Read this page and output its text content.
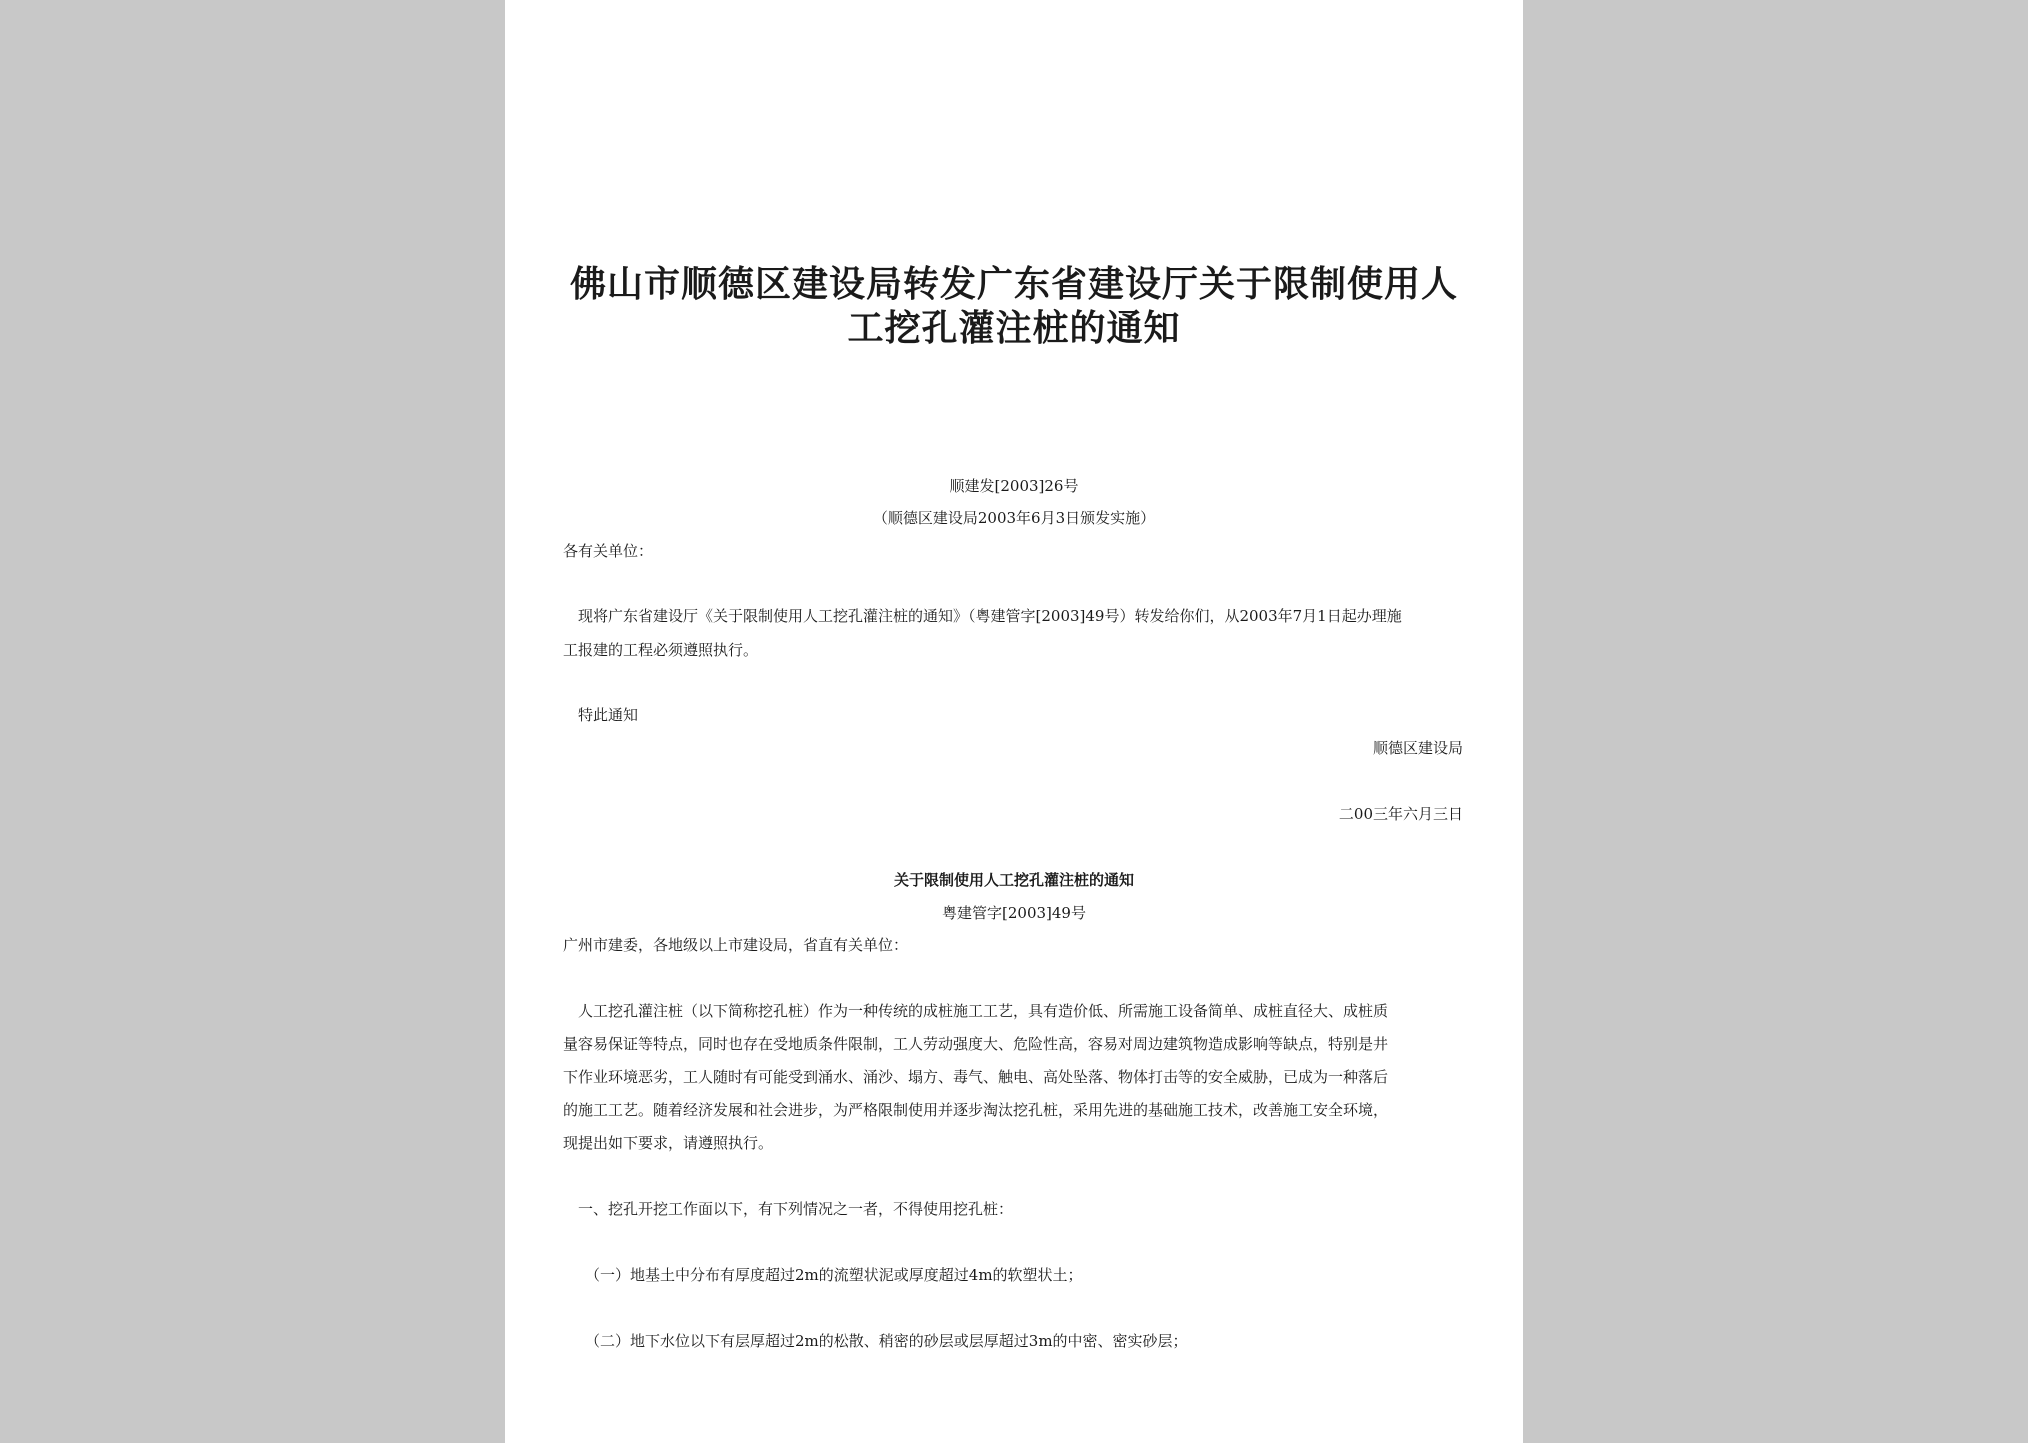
佛山市顺德区建设局转发广东省建设厅关于限制使用人
工挖孔灌注桩的通知
顺建发[2003]26号
（顺德区建设局2003年6月3日颁发实施）
各有关单位：
现将广东省建设厅《关于限制使用人工挖孔灌注桩的通知》（粤建管字[2003]49号）转发给你们，从2003年7月1日起办理施
工报建的工程必须遵照执行。
特此通知
顺德区建设局
二00三年六月三日
关于限制使用人工挖孔灌注桩的通知
粤建管字[2003]49号
广州市建委，各地级以上市建设局，省直有关单位：
人工挖孔灌注桩（以下简称挖孔桩）作为一种传统的成桩施工工艺，具有造价低、所需施工设备简单、成桩直径大、成桩质
量容易保证等特点，同时也存在受地质条件限制，工人劳动强度大、危险性高，容易对周边建筑物造成影响等缺点，特别是井
下作业环境恶劣，工人随时有可能受到涌水、涌沙、塌方、毒气、触电、高处坠落、物体打击等的安全威胁，已成为一种落后
的施工工艺。随着经济发展和社会进步，为严格限制使用并逐步淘汰挖孔桩，采用先进的基础施工技术，改善施工安全环境，
现提出如下要求，请遵照执行。
一、挖孔开挖工作面以下，有下列情况之一者，不得使用挖孔桩：
（一）地基土中分布有厚度超过2m的流塑状泥或厚度超过4m的软塑状土；
（二）地下水位以下有层厚超过2m的松散、稍密的砂层或层厚超过3m的中密、密实砂层；
